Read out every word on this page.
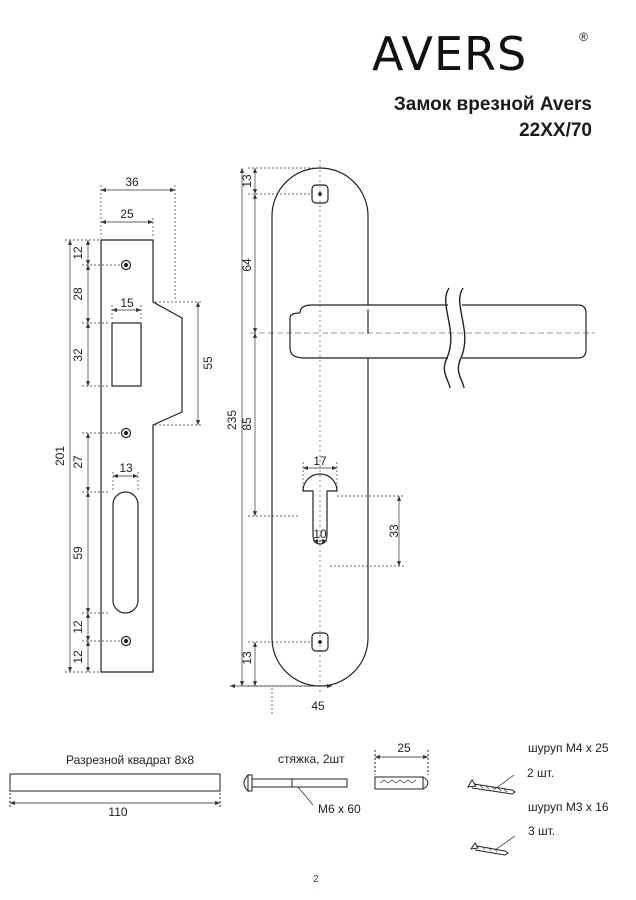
AVERS	®
Замок врезной Avers
22XX/70
36
25
15
13
201
12
28
32
27
59
12
12
55
13
64
235 85
17
10	33
13
45
Разрезной квадрат 8х8
110
стяжка, 2шт
М6 х 60
25	шуруп М4 х 25
2 шт.
шуруп М3 х 16
3 шт.
2
